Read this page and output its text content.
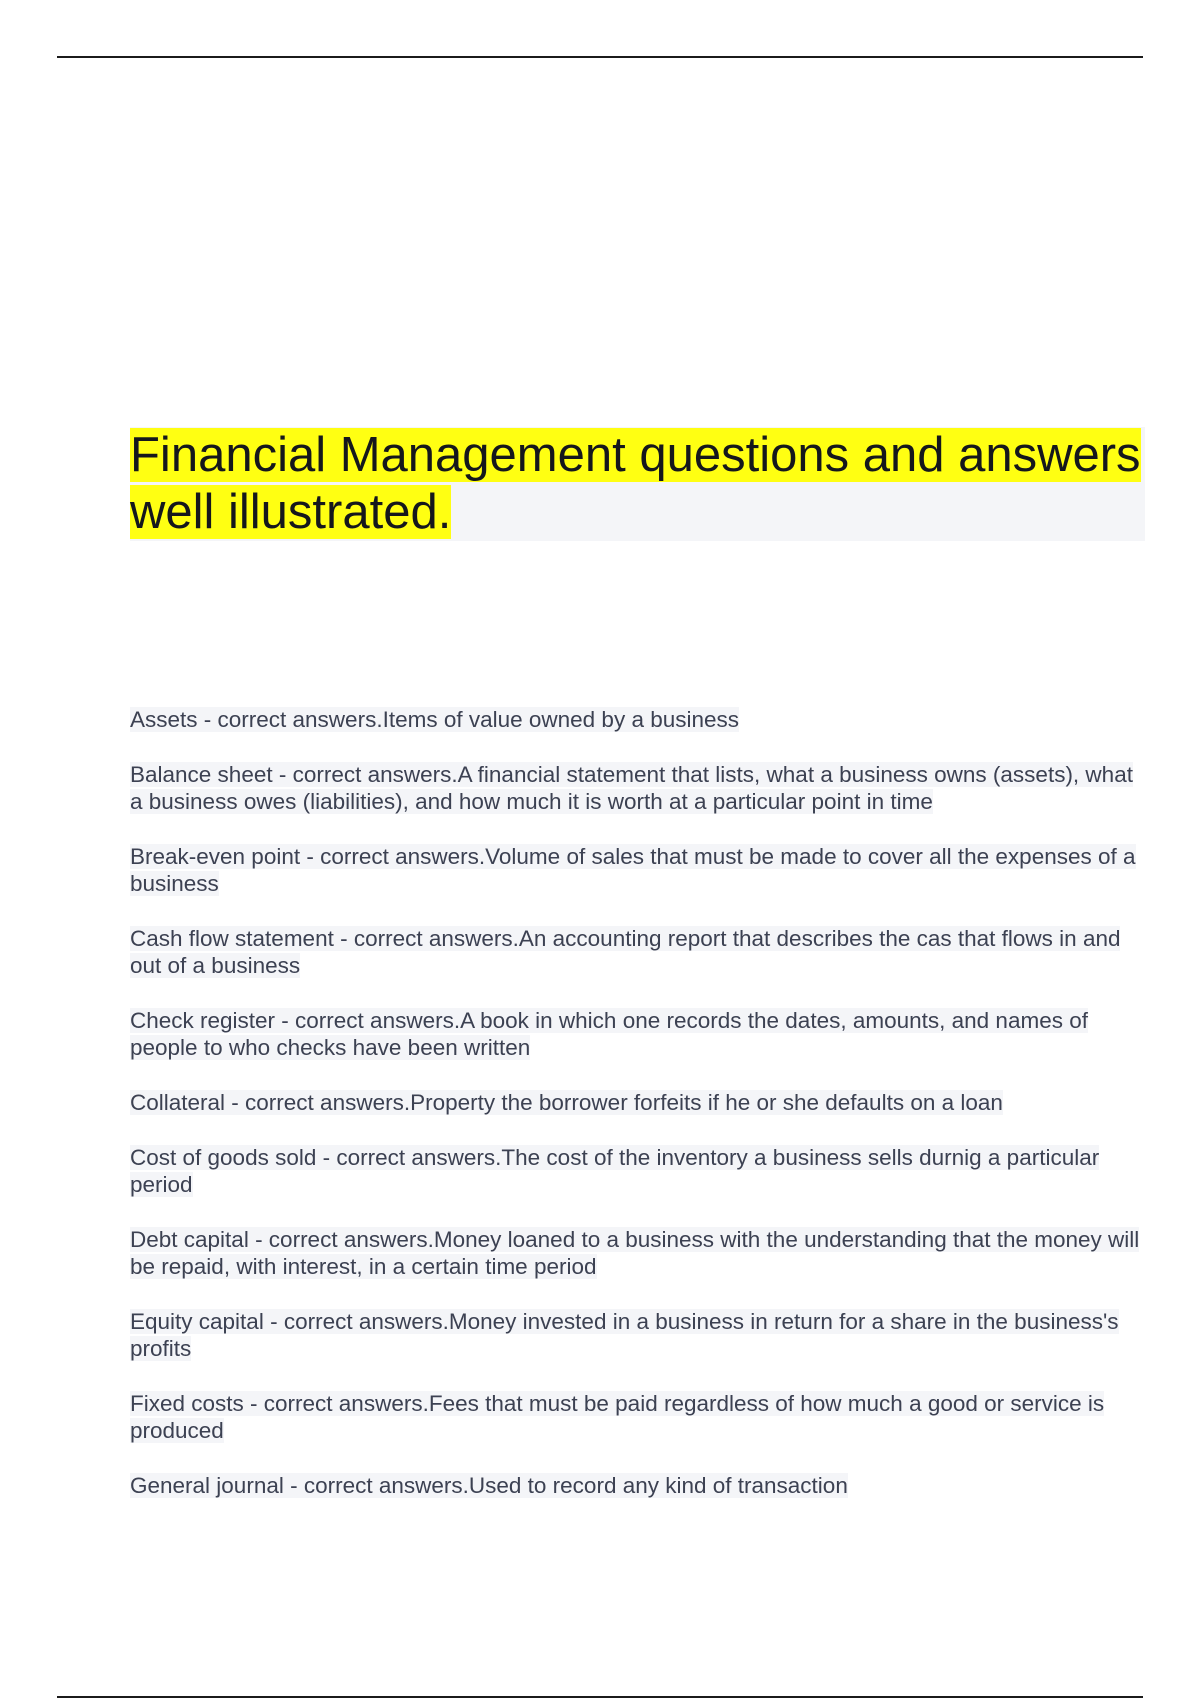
Financial Management questions and answers well illustrated.

Assets - correct answers.Items of value owned by a business

Balance sheet - correct answers.A financial statement that lists, what a business owns (assets), what a business owes (liabilities), and how much it is worth at a particular point in time

Break-even point - correct answers.Volume of sales that must be made to cover all the expenses of a business

Cash flow statement - correct answers.An accounting report that describes the cas that flows in and out of a business

Check register - correct answers.A book in which one records the dates, amounts, and names of people to who checks have been written

Collateral - correct answers.Property the borrower forfeits if he or she defaults on a loan

Cost of goods sold - correct answers.The cost of the inventory a business sells durnig a particular period

Debt capital - correct answers.Money loaned to a business with the understanding that the money will be repaid, with interest, in a certain time period

Equity capital - correct answers.Money invested in a business in return for a share in the business's profits

Fixed costs - correct answers.Fees that must be paid regardless of how much a good or service is produced

General journal - correct answers.Used to record any kind of transaction
